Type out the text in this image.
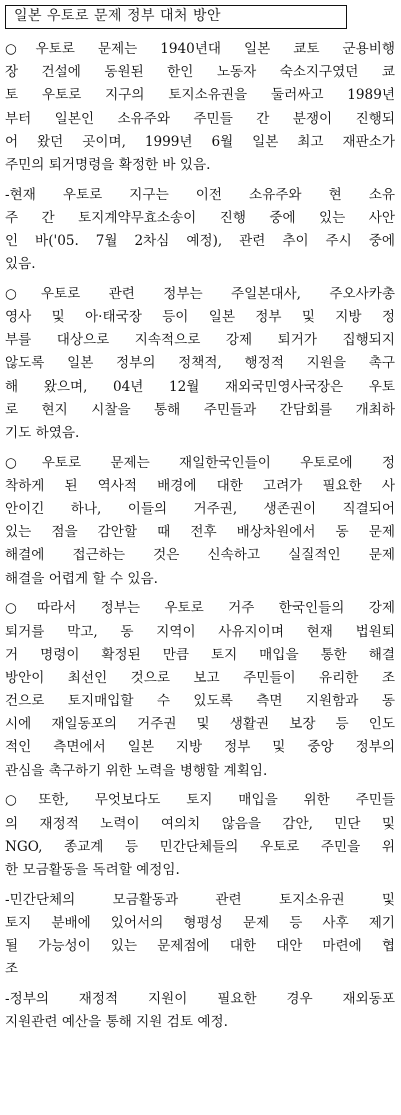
일본 우토로 문제 정부 대처 방안
○우토로 문제는 1940년대 일본 쿄토 군용비행
장 건설에 동원된 한인 노동자 숙소지구였던 쿄
토 우토로 지구의 토지소유권을 둘러싸고 1989년
부터 일본인 소유주와 주민들 간 분쟁이 진행되
어 왔던 곳이며, 1999년 6월 일본 최고 재판소가
주민의 퇴거명령을 확정한 바 있음.
-현재 우토로 지구는 이전 소유주와 현 소유
주 간 토지계약무효소송이 진행 중에 있는 사안
인 바('05. 7월 2차심 예정), 관련 추이 주시 중에
있음.
○우토로 관련 정부는 주일본대사, 주오사카총
영사 및 아·태국장 등이 일본 정부 및 지방 정
부를 대상으로 지속적으로 강제 퇴거가 집행되지
않도록 일본 정부의 정책적, 행정적 지원을 촉구
해 왔으며, 04년 12월 재외국민영사국장은 우토
로 현지 시찰을 통해 주민들과 간담회를 개최하
기도 하였음.
○우토로 문제는 재일한국인들이 우토로에 정
착하게 된 역사적 배경에 대한 고려가 필요한 사
안이긴 하나, 이들의 거주권, 생존권이 직결되어
있는 점을 감안할 때 전후 배상차원에서 동 문제
해결에 접근하는 것은 신속하고 실질적인 문제
해결을 어렵게 할 수 있음.
○따라서 정부는 우토로 거주 한국인들의 강제
퇴거를 막고, 동 지역이 사유지이며 현재 법원퇴
거 명령이 확정된 만큼 토지 매입을 통한 해결
방안이 최선인 것으로 보고 주민들이 유리한 조
건으로 토지매입할 수 있도록 측면 지원함과 동
시에 재일동포의 거주권 및 생활권 보장 등 인도
적인 측면에서 일본 지방 정부 및 중앙 정부의
관심을 촉구하기 위한 노력을 병행할 계획임.
○또한, 무엇보다도 토지 매입을 위한 주민들
의 재정적 노력이 여의치 않음을 감안, 민단 및
NGO, 종교계 등 민간단체들의 우토로 주민을 위
한 모금활동을 독려할 예정임.
-민간단체의 모금활동과 관련 토지소유권 및
토지 분배에 있어서의 형평성 문제 등 사후 제기
될 가능성이 있는 문제점에 대한 대안 마련에 협
조
-정부의 재정적 지원이 필요한 경우 재외동포
지원관련 예산을 통해 지원 검토 예정.
